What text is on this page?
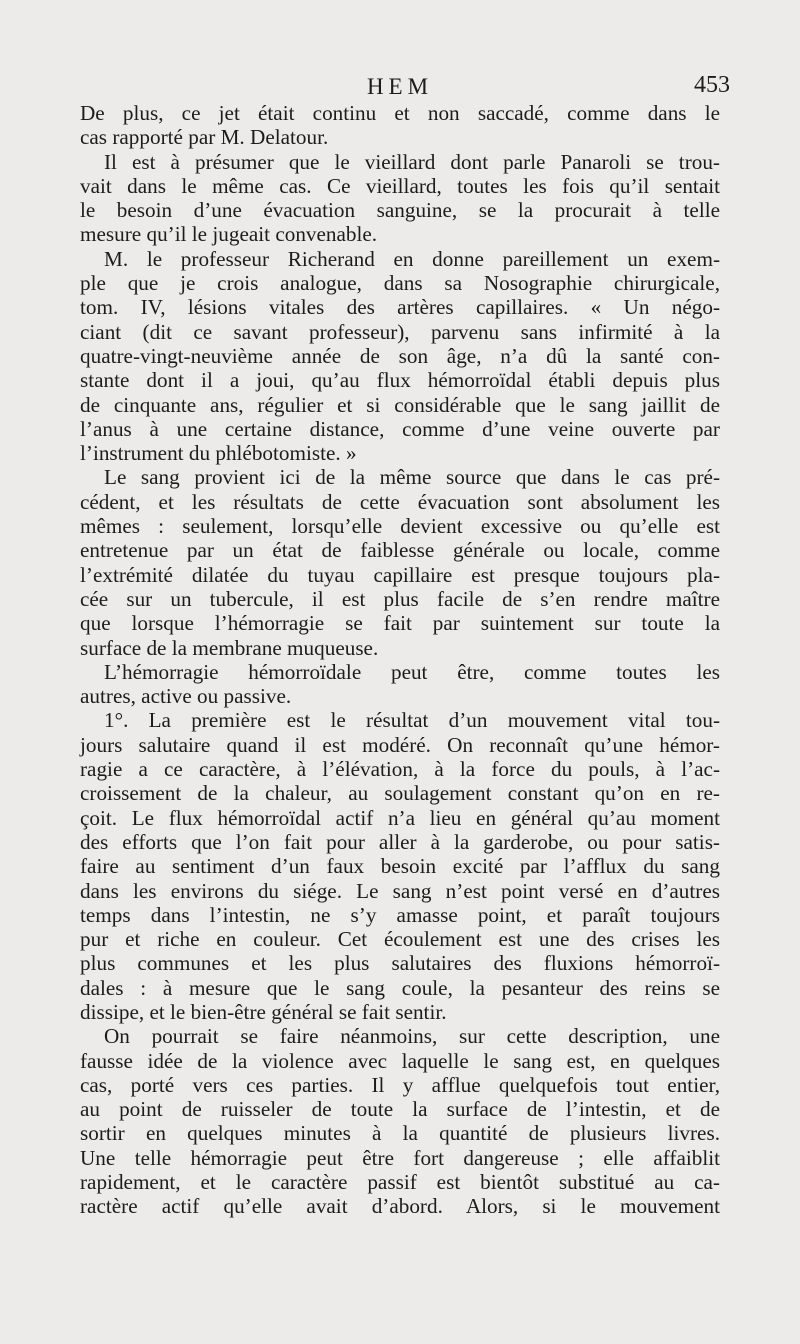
HEM	453
De plus, ce jet était continu et non saccadé, comme dans le
cas rapporté par M. Delatour.
Il est à présumer que le vieillard dont parle Panaroli se trou-
vait dans le même cas. Ce vieillard, toutes les fois qu’il sentait
le besoin d’une évacuation sanguine, se la procurait à telle
mesure qu’il le jugeait convenable.
M. le professeur Richerand en donne pareillement un exem-
ple que je crois analogue, dans sa Nosographie chirurgicale,
tom. IV, lésions vitales des artères capillaires. « Un négo-
ciant (dit ce savant professeur), parvenu sans infirmité à la
quatre-vingt-neuvième année de son âge, n’a dû la santé con-
stante dont il a joui, qu’au flux hémorroïdal établi depuis plus
de cinquante ans, régulier et si considérable que le sang jaillit de
l’anus à une certaine distance, comme d’une veine ouverte par
l’instrument du phlébotomiste. »
Le sang provient ici de la même source que dans le cas pré-
cédent, et les résultats de cette évacuation sont absolument les
mêmes : seulement, lorsqu’elle devient excessive ou qu’elle est
entretenue par un état de faiblesse générale ou locale, comme
l’extrémité dilatée du tuyau capillaire est presque toujours pla-
cée sur un tubercule, il est plus facile de s’en rendre maître
que lorsque l’hémorragie se fait par suintement sur toute la
surface de la membrane muqueuse.
L’hémorragie hémorroïdale peut être, comme toutes les
autres, active ou passive.
1°. La première est le résultat d’un mouvement vital tou-
jours salutaire quand il est modéré. On reconnaît qu’une hémor-
ragie a ce caractère, à l’élévation, à la force du pouls, à l’ac-
croissement de la chaleur, au soulagement constant qu’on en re-
çoit. Le flux hémorroïdal actif n’a lieu en général qu’au moment
des efforts que l’on fait pour aller à la garderobe, ou pour satis-
faire au sentiment d’un faux besoin excité par l’afflux du sang
dans les environs du siége. Le sang n’est point versé en d’autres
temps dans l’intestin, ne s’y amasse point, et paraît toujours
pur et riche en couleur. Cet écoulement est une des crises les
plus communes et les plus salutaires des fluxions hémorroï-
dales : à mesure que le sang coule, la pesanteur des reins se
dissipe, et le bien-être général se fait sentir.
On pourrait se faire néanmoins, sur cette description, une
fausse idée de la violence avec laquelle le sang est, en quelques
cas, porté vers ces parties. Il y afflue quelquefois tout entier,
au point de ruisseler de toute la surface de l’intestin, et de
sortir en quelques minutes à la quantité de plusieurs livres.
Une telle hémorragie peut être fort dangereuse ; elle affaiblit
rapidement, et le caractère passif est bientôt substitué au ca-
ractère actif qu’elle avait d’abord. Alors, si le mouvement
